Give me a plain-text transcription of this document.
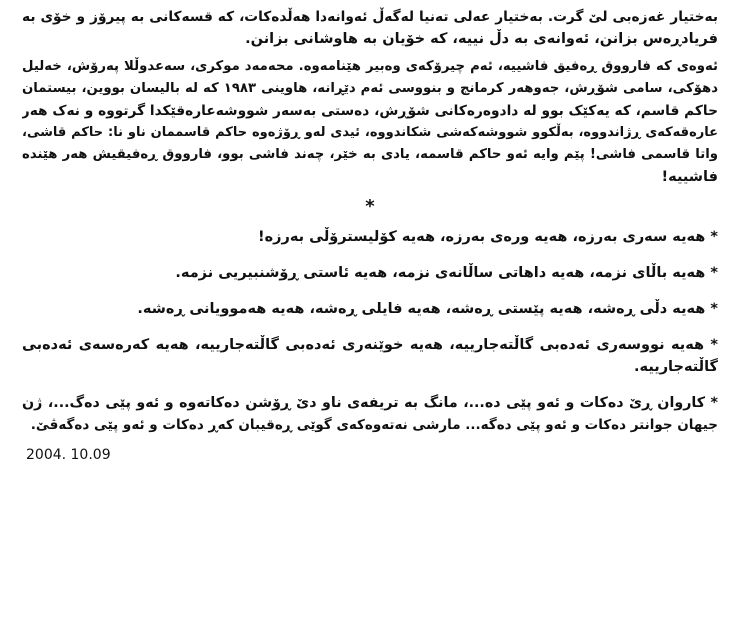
بەختیار غەزەبی لێ گرت. بەختیار عەلی تەنیا لەگەڵ ئەوانەدا هەڵدەکات، کە قسەکانی بە پیرۆز و خۆی بە
فریادڕەس بزانن، ئەوانەی بە دڵ نییە، کە خۆیان بە هاوشانی بزانن.
ئەوەی کە فارووق ڕەفیق فاشییە، ئەم چیرۆکەی وەبیر هێنامەوە. محەمەد موکری، سەعدوڵلا پەرۆش، خەلیل
دهۆکی، سامی شۆڕش، جەوهەر کرمانج و بنووسی ئەم دێڕانە، هاوینی ١٩٨٣ کە لە بالیسان بووین، بیستمان
حاکم قاسم، کە یەکێک بوو لە دادوەرەکانی شۆڕش، دەستی بەسەر شووشەعارەقێکدا گرتووە و نەک هەر
عارەقەکەی ڕژاندووە، بەڵکوو شووشەکەشی شکاندووە، ئیدی لەو ڕۆژەوە حاکم قاسممان ناو نا: حاکم قاشی،
واتا قاسمی فاشی! پێم وایە ئەو حاکم قاسمە، یادی بە خێر، چەند فاشی بوو، فارووق ڕەفیقیش هەر هێندە
فاشییە!
*
* هەیە سەری بەرزە، هەیە ورەی بەرزە، هەیە کۆلیسترۆڵی بەرزە!
* هەیە باڵای نزمە، هەیە داهاتی ساڵانەی نزمە، هەیە ئاستی ڕۆشنبیریی نزمە.
* هەیە دڵی ڕەشە، هەیە پێستی ڕەشە، هەیە فایلی ڕەشە، هەیە هەموویانی ڕەشە.
* هەیە نووسەری ئەدەبی گاڵتەجارییە، هەیە خوێنەری ئەدەبی گاڵتەجارییە، هەیە کەرەسەی ئەدەبی
گاڵتەجارییە.
* کاروان ڕێ دەکات و ئەو پێی دە...، مانگ بە تریفەی ناو دێ ڕۆشن دەکاتەوە و ئەو پێی دەگ...، ژن
جیهان جوانتر دەکات و ئەو پێی دەگە... مارشی نەتەوەکەی گوێی ڕەقیبان کەڕ دەکات و ئەو پێی دەگەڤێ.
2004. 10.09
